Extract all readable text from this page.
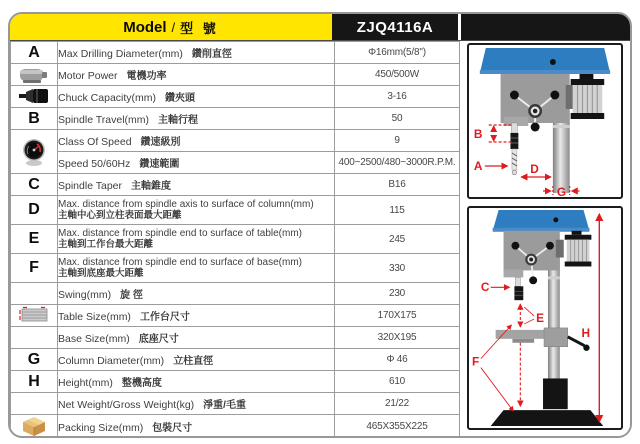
Model / 型 號	ZJQ4116A
A	Max Drilling Diameter(mm) 鑽削直徑	Φ16mm(5/8")
	Motor Power 電機功率	450/500W
	Chuck Capacity(mm) 鑽夾頭	3-16
B	Spindle Travel(mm) 主軸行程	50
	Class Of Speed 鑽速級別	9
	Speed 50/60Hz 鑽速範圍	400~2500/480~3000R.P.M.
C	Spindle Taper 主軸錐度	B16
D	Max. distance from spindle axis to surface of column(mm)
主軸中心到立柱表面最大距離	115
E	Max. distance from spindle end to surface of table(mm)
主軸到工作台最大距離	245
F	Max. distance from spindle end to surface of base(mm)
主軸到底座最大距離	330
	Swing(mm) 旋 徑	230
	Table Size(mm) 工作台尺寸	170X175
	Base Size(mm) 底座尺寸	320X195
G	Column Diameter(mm) 立柱直徑	Φ 46
H	Height(mm) 整機高度	610
	Net Weight/Gross Weight(kg) 淨重/毛重	21/22
	Packing Size(mm) 包裝尺寸	465X355X225
B
A	D
G
C
E
F
H
